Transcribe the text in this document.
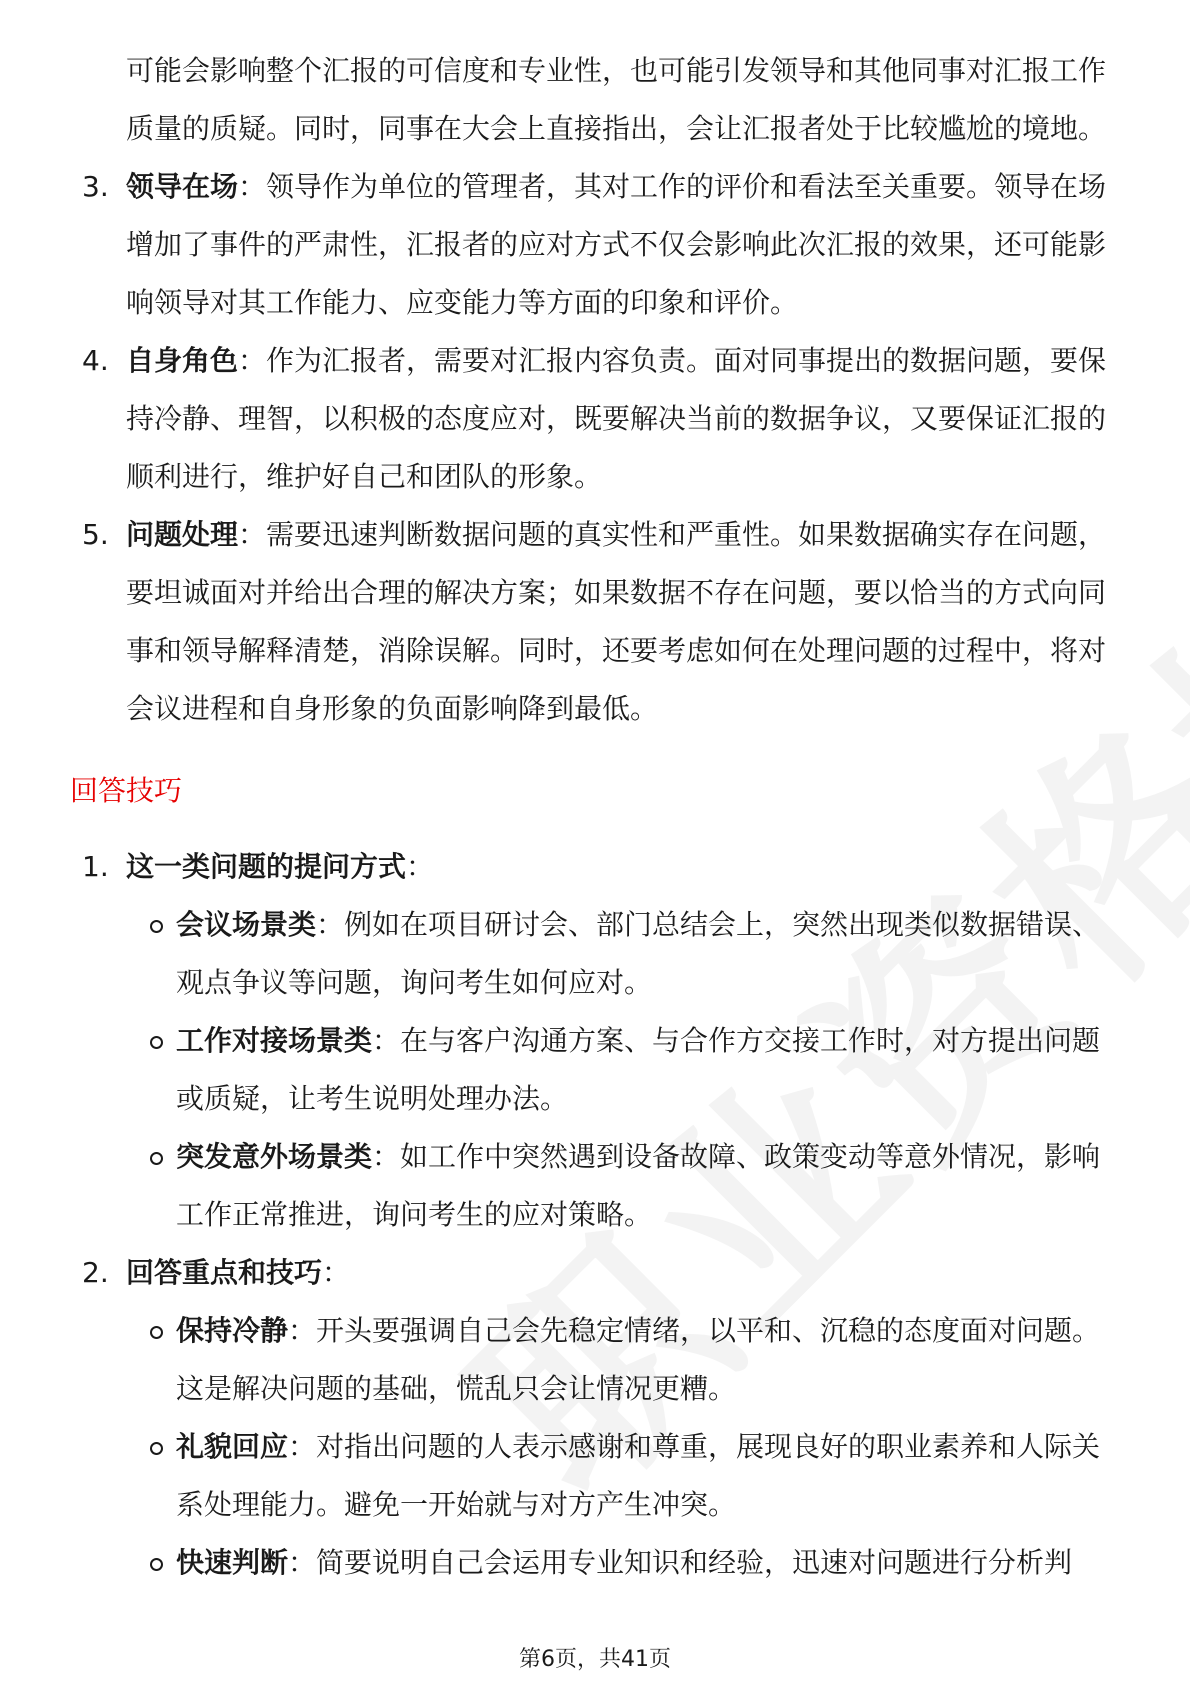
可能会影响整个汇报的可信度和专业性，也可能引发领导和其他同事对汇报工作质量的质疑。同时，同事在大会上直接指出，会让汇报者处于比较尴尬的境地。
3. 领导在场：领导作为单位的管理者，其对工作的评价和看法至关重要。领导在场增加了事件的严肃性，汇报者的应对方式不仅会影响此次汇报的效果，还可能影响领导对其工作能力、应变能力等方面的印象和评价。
4. 自身角色：作为汇报者，需要对汇报内容负责。面对同事提出的数据问题，要保持冷静、理智，以积极的态度应对，既要解决当前的数据争议，又要保证汇报的顺利进行，维护好自己和团队的形象。
5. 问题处理：需要迅速判断数据问题的真实性和严重性。如果数据确实存在问题，要坦诚面对并给出合理的解决方案；如果数据不存在问题，要以恰当的方式向同事和领导解释清楚，消除误解。同时，还要考虑如何在处理问题的过程中，将对会议进程和自身形象的负面影响降到最低。
回答技巧
1. 这一类问题的提问方式：
会议场景类：例如在项目研讨会、部门总结会上，突然出现类似数据错误、观点争议等问题，询问考生如何应对。
工作对接场景类：在与客户沟通方案、与合作方交接工作时，对方提出问题或质疑，让考生说明处理办法。
突发意外场景类：如工作中突然遇到设备故障、政策变动等意外情况，影响工作正常推进，询问考生的应对策略。
2. 回答重点和技巧：
保持冷静：开头要强调自己会先稳定情绪，以平和、沉稳的态度面对问题。这是解决问题的基础，慌乱只会让情况更糟。
礼貌回应：对指出问题的人表示感谢和尊重，展现良好的职业素养和人际关系处理能力。避免一开始就与对方产生冲突。
快速判断：简要说明自己会运用专业知识和经验，迅速对问题进行分析判
第6页，共41页
